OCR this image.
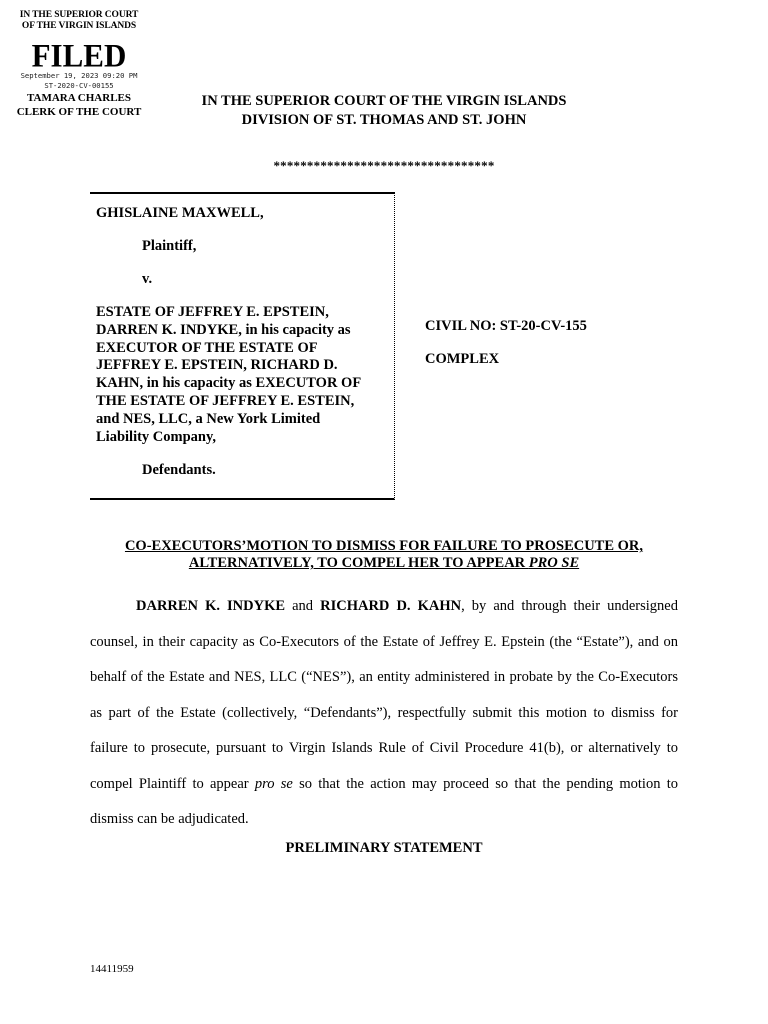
IN THE SUPERIOR COURT
OF THE VIRGIN ISLANDS
FILED
September 19, 2023 09:20 PM
ST-2020-CV-00155
TAMARA CHARLES
CLERK OF THE COURT
IN THE SUPERIOR COURT OF THE VIRGIN ISLANDS
DIVISION OF ST. THOMAS AND ST. JOHN
*********************************
GHISLAINE MAXWELL,
Plaintiff,
v.
ESTATE OF JEFFREY E. EPSTEIN,
DARREN K. INDYKE, in his capacity as
EXECUTOR OF THE ESTATE OF
JEFFREY E. EPSTEIN, RICHARD D.
KAHN, in his capacity as EXECUTOR OF
THE ESTATE OF JEFFREY E. ESTEIN,
and NES, LLC, a New York Limited
Liability Company,
Defendants.
CIVIL NO: ST-20-CV-155
COMPLEX
CO-EXECUTORS’MOTION TO DISMISS FOR FAILURE TO PROSECUTE OR,
ALTERNATIVELY, TO COMPEL HER TO APPEAR PRO SE

DARREN K. INDYKE and RICHARD D. KAHN, by and through their undersigned counsel, in their capacity as Co-Executors of the Estate of Jeffrey E. Epstein (the “Estate”), and on behalf of the Estate and NES, LLC (“NES”), an entity administered in probate by the Co-Executors as part of the Estate (collectively, “Defendants”), respectfully submit this motion to dismiss for failure to prosecute, pursuant to Virgin Islands Rule of Civil Procedure 41(b), or alternatively to compel Plaintiff to appear pro se so that the action may proceed so that the pending motion to dismiss can be adjudicated.

PRELIMINARY STATEMENT
14411959
